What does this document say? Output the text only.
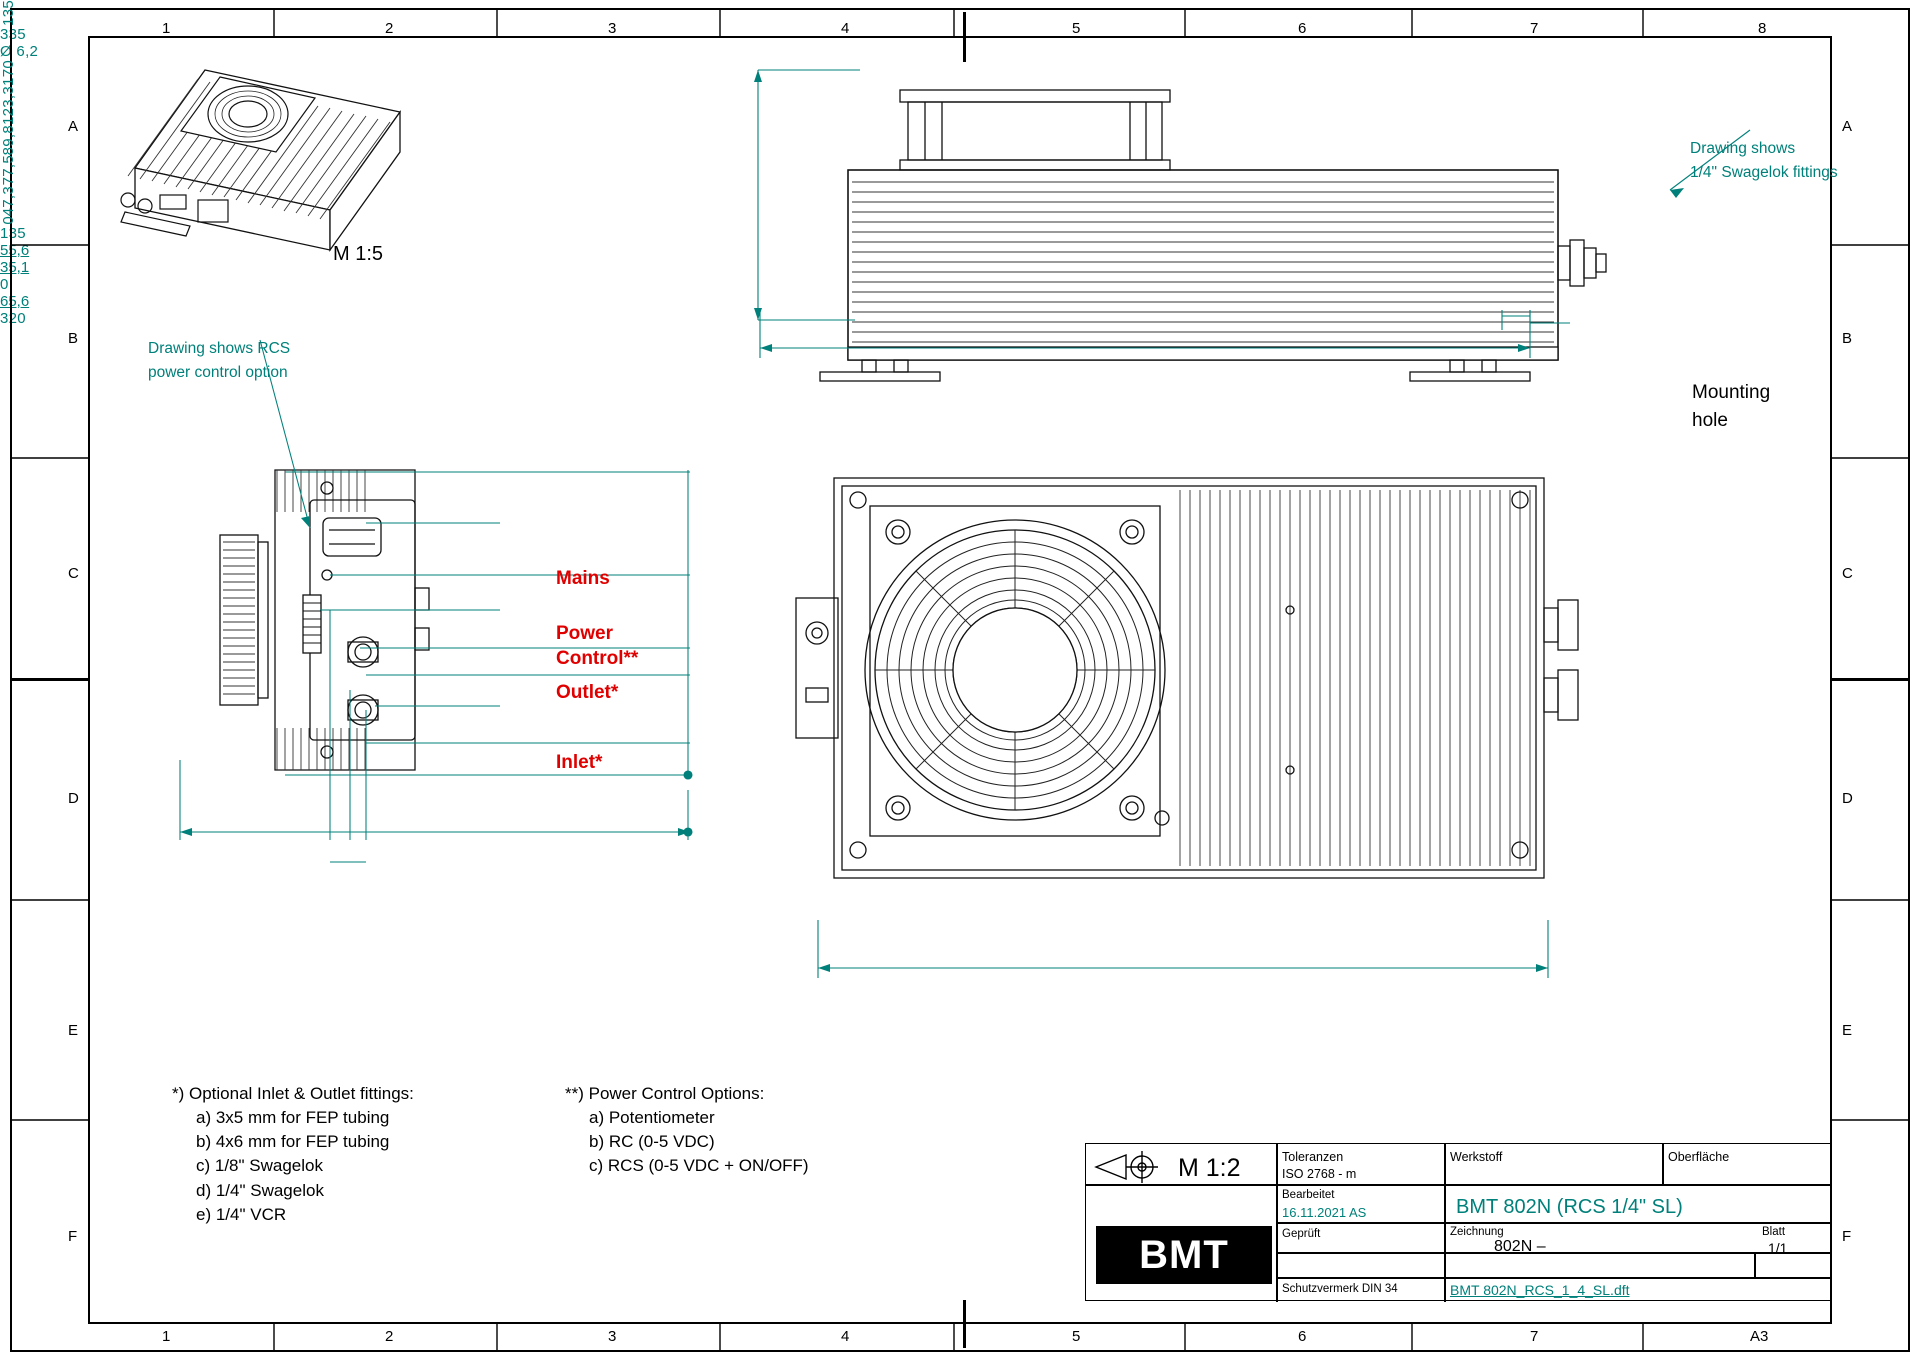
1	2	3	4	5	6	7	8
1	2	3	4	5	6	7	A3
A
B
C
D
E
F
A
B
C
D
E
F
M 1:5
135
335
Ø 6,2
Mounting
hole
Drawing shows
1/4" Swagelok fittings
Drawing shows RCS
power control option
Mains
Power
Control**
Outlet*
Inlet*
170
123,3
89,8
77,5
47,3
0
135
55,6
35,1
0
65,6
320
*) Optional Inlet & Outlet fittings:
a) 3x5 mm for FEP tubing
b) 4x6 mm for FEP tubing
c) 1/8" Swagelok
d) 1/4" Swagelok
e) 1/4" VCR
**) Power Control Options:
a) Potentiometer
b) RC (0-5 VDC)
c) RCS (0-5 VDC + ON/OFF)	M 1:2
BMT
Toleranzen
ISO 2768 - m
Werkstoff	Oberfläche
Bearbeitet
16.11.2021 AS	BMT 802N (RCS 1/4" SL)
Geprüft	Zeichnung
802N –
Blatt
1/1
Schutzvermerk DIN 34	BMT 802N_RCS_1_4_SL.dft
